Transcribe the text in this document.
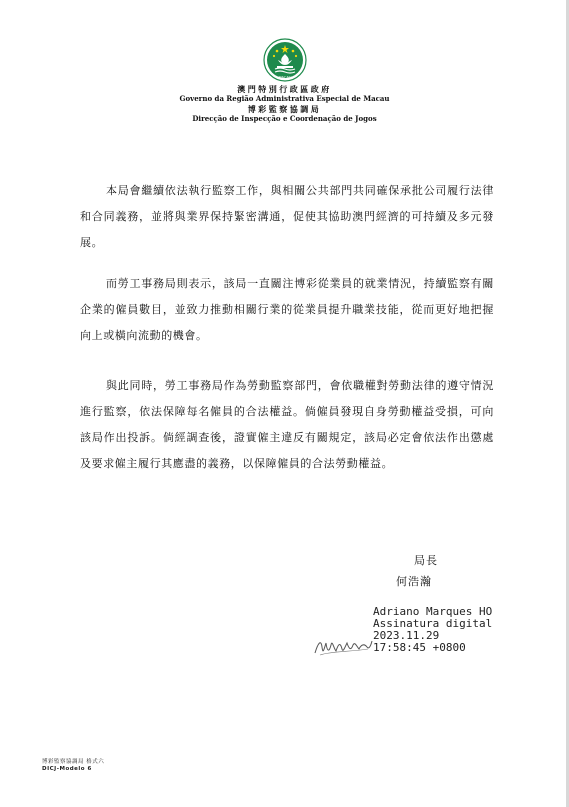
MACAU
澳門特別行政區政府
Governo da Região Administrativa Especial de Macau
博彩監察協調局
Direcção de Inspecção e Coordenação de Jogos

本局會繼續依法執行監察工作，與相關公共部門共同確保承批公司履行法律和合同義務，並將與業界保持緊密溝通，促使其協助澳門經濟的可持續及多元發展。

而勞工事務局則表示，該局一直關注博彩從業員的就業情況，持續監察有關企業的僱員數目，並致力推動相關行業的從業員提升職業技能，從而更好地把握向上或橫向流動的機會。

與此同時，勞工事務局作為勞動監察部門，會依職權對勞動法律的遵守情況進行監察，依法保障每名僱員的合法權益。倘僱員發現自身勞動權益受損，可向該局作出投訴。倘經調查後，證實僱主違反有關規定，該局必定會依法作出懲處及要求僱主履行其應盡的義務，以保障僱員的合法勞動權益。

局長
何浩瀚
Adriano Marques HO
Assinatura digital
2023.11.29
17:58:45 +0800
博彩監察協調局 格式六
DICJ-Modelo 6
